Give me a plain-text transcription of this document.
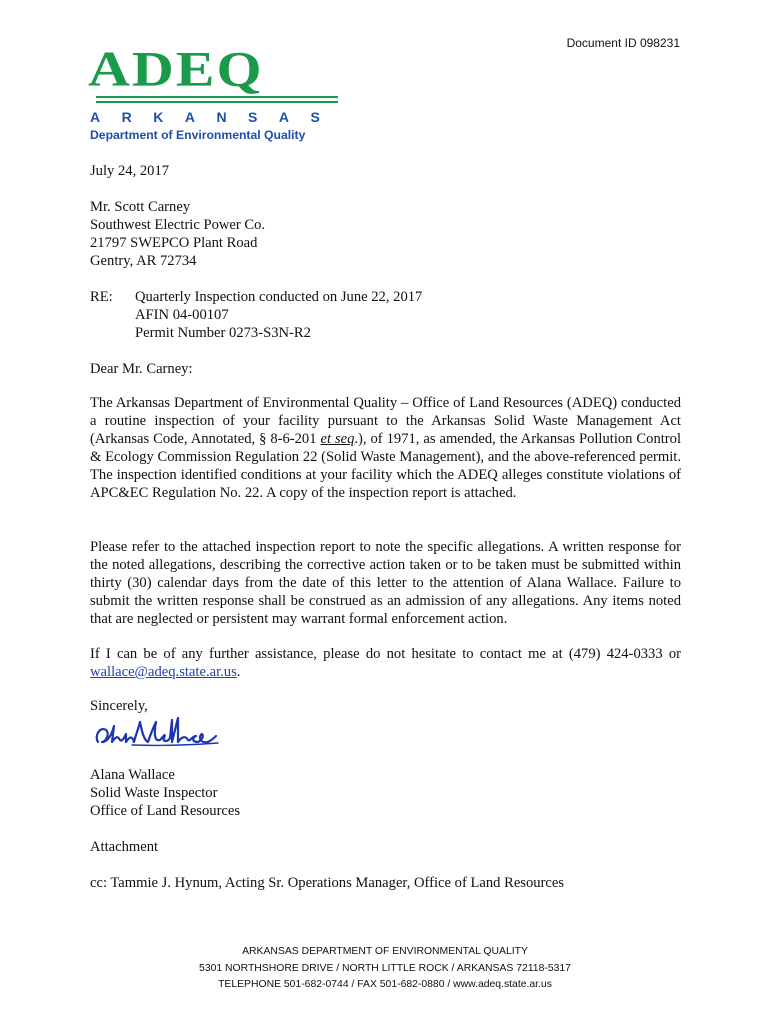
Document ID 098231
ADEQ
ARKANSAS
Department of Environmental Quality
July 24, 2017
Mr. Scott Carney
Southwest Electric Power Co.
21797 SWEPCO Plant Road
Gentry, AR 72734
RE: Quarterly Inspection conducted on June 22, 2017
AFIN 04-00107
Permit Number 0273-S3N-R2
Dear Mr. Carney:
The Arkansas Department of Environmental Quality – Office of Land Resources (ADEQ) conducted a routine inspection of your facility pursuant to the Arkansas Solid Waste Management Act (Arkansas Code, Annotated, § 8-6-201 et seq.), of 1971, as amended, the Arkansas Pollution Control & Ecology Commission Regulation 22 (Solid Waste Management), and the above-referenced permit. The inspection identified conditions at your facility which the ADEQ alleges constitute violations of APC&EC Regulation No. 22. A copy of the inspection report is attached.
Please refer to the attached inspection report to note the specific allegations. A written response for the noted allegations, describing the corrective action taken or to be taken must be submitted within thirty (30) calendar days from the date of this letter to the attention of Alana Wallace. Failure to submit the written response shall be construed as an admission of any allegations. Any items noted that are neglected or persistent may warrant formal enforcement action.
If I can be of any further assistance, please do not hesitate to contact me at (479) 424-0333 or wallace@adeq.state.ar.us.
Sincerely,
Alana Wallace
Solid Waste Inspector
Office of Land Resources
Attachment
cc: Tammie J. Hynum, Acting Sr. Operations Manager, Office of Land Resources
ARKANSAS DEPARTMENT OF ENVIRONMENTAL QUALITY
5301 NORTHSHORE DRIVE / NORTH LITTLE ROCK / ARKANSAS 72118-5317
TELEPHONE 501-682-0744 / FAX 501-682-0880 / www.adeq.state.ar.us
